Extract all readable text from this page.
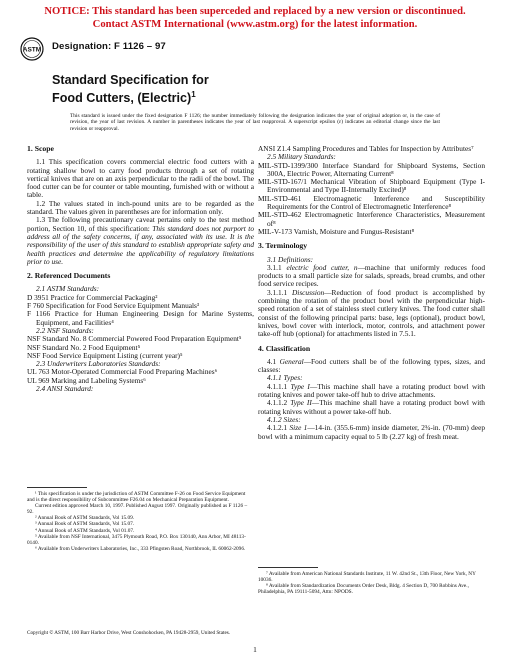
NOTICE: This standard has been superceded and replaced by a new version or discontinued.
Contact ASTM International (www.astm.org) for the latest information.
ASTM Designation: F 1126 – 97
Standard Specification for
Food Cutters, (Electric)$^1$
This standard is issued under the fixed designation F 1126; the number immediately following the designation indicates the year of original adoption or, in the case of revision, the year of last revision. A number in parentheses indicates the year of last reapproval. A superscript epsilon (ε) indicates an editorial change since the last revision or reapproval.

1. Scope

1.1 This specification covers commercial electric food cutters with a rotating shallow bowl to carry food products through a set of rotating vertical knives that are on an axis perpendicular to the radii of the bowl. The food cutter can be for counter or table mounting, furnished with or without a table.

1.2 The values stated in inch-pound units are to be regarded as the standard. The values given in parentheses are for information only.

1.3 The following precautionary caveat pertains only to the test method portion, Section 10, of this specification: This standard does not purport to address all of the safety concerns, if any, associated with its use. It is the responsibility of the user of this standard to establish appropriate safety and health practices and determine the applicability of regulatory limitations prior to use.

2. Referenced Documents

2.1 ASTM Standards:

D 3951 Practice for Commercial Packaging²

F 760 Specification for Food Service Equipment Manuals³

F 1166 Practice for Human Engineering Design for Marine Systems, Equipment, and Facilities⁴

2.2 NSF Standards:

NSF Standard No. 8 Commercial Powered Food Preparation Equipment⁵

NSF Standard No. 2 Food Equipment⁵

NSF Food Service Equipment Listing (current year)⁵

2.3 Underwriters Laboratories Standards:

UL 763 Motor-Operated Commercial Food Preparing Machines⁶

UL 969 Marking and Labeling Systems⁶

2.4 ANSI Standard:

ANSI Z1.4 Sampling Procedures and Tables for Inspection by Attributes⁷

2.5 Military Standards:

MIL-STD-1399/300 Interface Standard for Shipboard Systems, Section 300A, Electric Power, Alternating Current⁸

MIL-STD-167/1 Mechanical Vibration of Shipboard Equipment (Type I-Environmental and Type II-Internally Excited)⁸

MIL-STD-461 Electromagnetic Interference and Susceptibility Requirements for the Control of Electromagnetic Interference⁸

MIL-STD-462 Electromagnetic Interference Characteristics, Measurement of⁸

MIL-V-173 Varnish, Moisture and Fungus-Resistant⁸

3. Terminology

3.1 Definitions:

3.1.1 electric food cutter, n—machine that uniformly reduces food products to a small particle size for salads, spreads, bread crumbs, and other food service recipes.

3.1.1.1 Discussion—Reduction of food product is accomplished by combining the rotation of the product bowl with the perpendicular high-speed rotation of a set of stainless steel cutlery knives. The food cutter shall consist of the following principal parts: base, legs (optional), product bowl, knives, bowl cover with interlock, motor, controls, and attachment power take-off hub (optional) for attachments listed in 7.5.1.

4. Classification

4.1 General—Food cutters shall be of the following types, sizes, and classes:

4.1.1 Types:

4.1.1.1 Type I—This machine shall have a rotating product bowl with rotating knives and power take-off hub to drive attachments.

4.1.1.2 Type II—This machine shall have a rotating product bowl with rotating knives without a power take-off hub.

4.1.2 Sizes:

4.1.2.1 Size 1—14-in. (355.6-mm) inside diameter, 2¾-in. (70-mm) deep bowl with a minimum capacity equal to 5 lb (2.27 kg) of fresh meat.

¹ This specification is under the jurisdiction of ASTM Committee F-26 on Food Service Equipment and is the direct responsibility of Subcommittee F26.04 on Mechanical Preparation Equipment.

Current edition approved March 10, 1997. Published August 1997. Originally published as F 1126 – 92.

² Annual Book of ASTM Standards, Vol 15.09.

³ Annual Book of ASTM Standards, Vol 15.07.

⁴ Annual Book of ASTM Standards, Vol 01.07.

⁵ Available from NSF International, 3475 Plymouth Road, P.O. Box 130140, Ann Arbor, MI 48113-0140.

⁶ Available from Underwriters Laboratories, Inc., 333 Pfingsten Road, Northbrook, IL 60062-2096.

⁷ Available from American National Standards Institute, 11 W. 42nd St., 13th Floor, New York, NY 10036.

⁸ Available from Standardization Documents Order Desk, Bldg. 4 Section D, 700 Robbins Ave., Philadelphia, PA 19111-5094, Attn: NPODS.

Copyright © ASTM, 100 Barr Harbor Drive, West Conshohocken, PA 19428-2959, United States.
1
